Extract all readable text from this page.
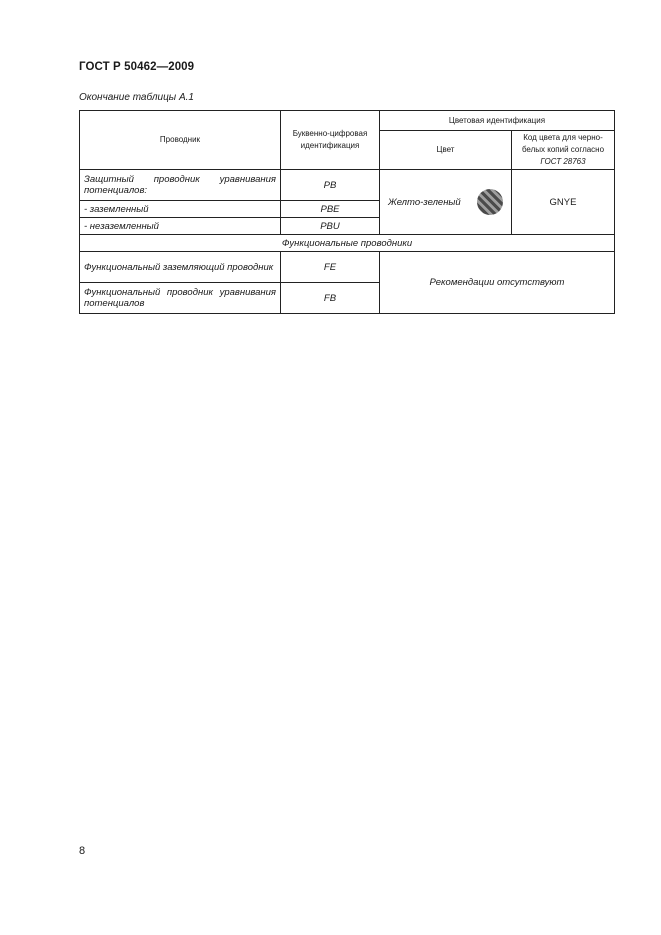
ГОСТ Р 50462—2009
Окончание таблицы А.1
Проводник	Буквенно-цифровая идентификация	Цветовая идентификация	
		Цвет	Код цвета для черно-белых копий согласно ГОСТ 28763
Защитный проводник уравнивания потенциалов:	PB	Желто-зеленый	GNYE
- заземленный	PBE		
- незаземленный	PBU		
Функциональные проводники			
Функциональный заземляющий проводник	FE	Рекомендации отсутствуют	
Функциональный проводник уравнивания потенциалов	FB		
8
